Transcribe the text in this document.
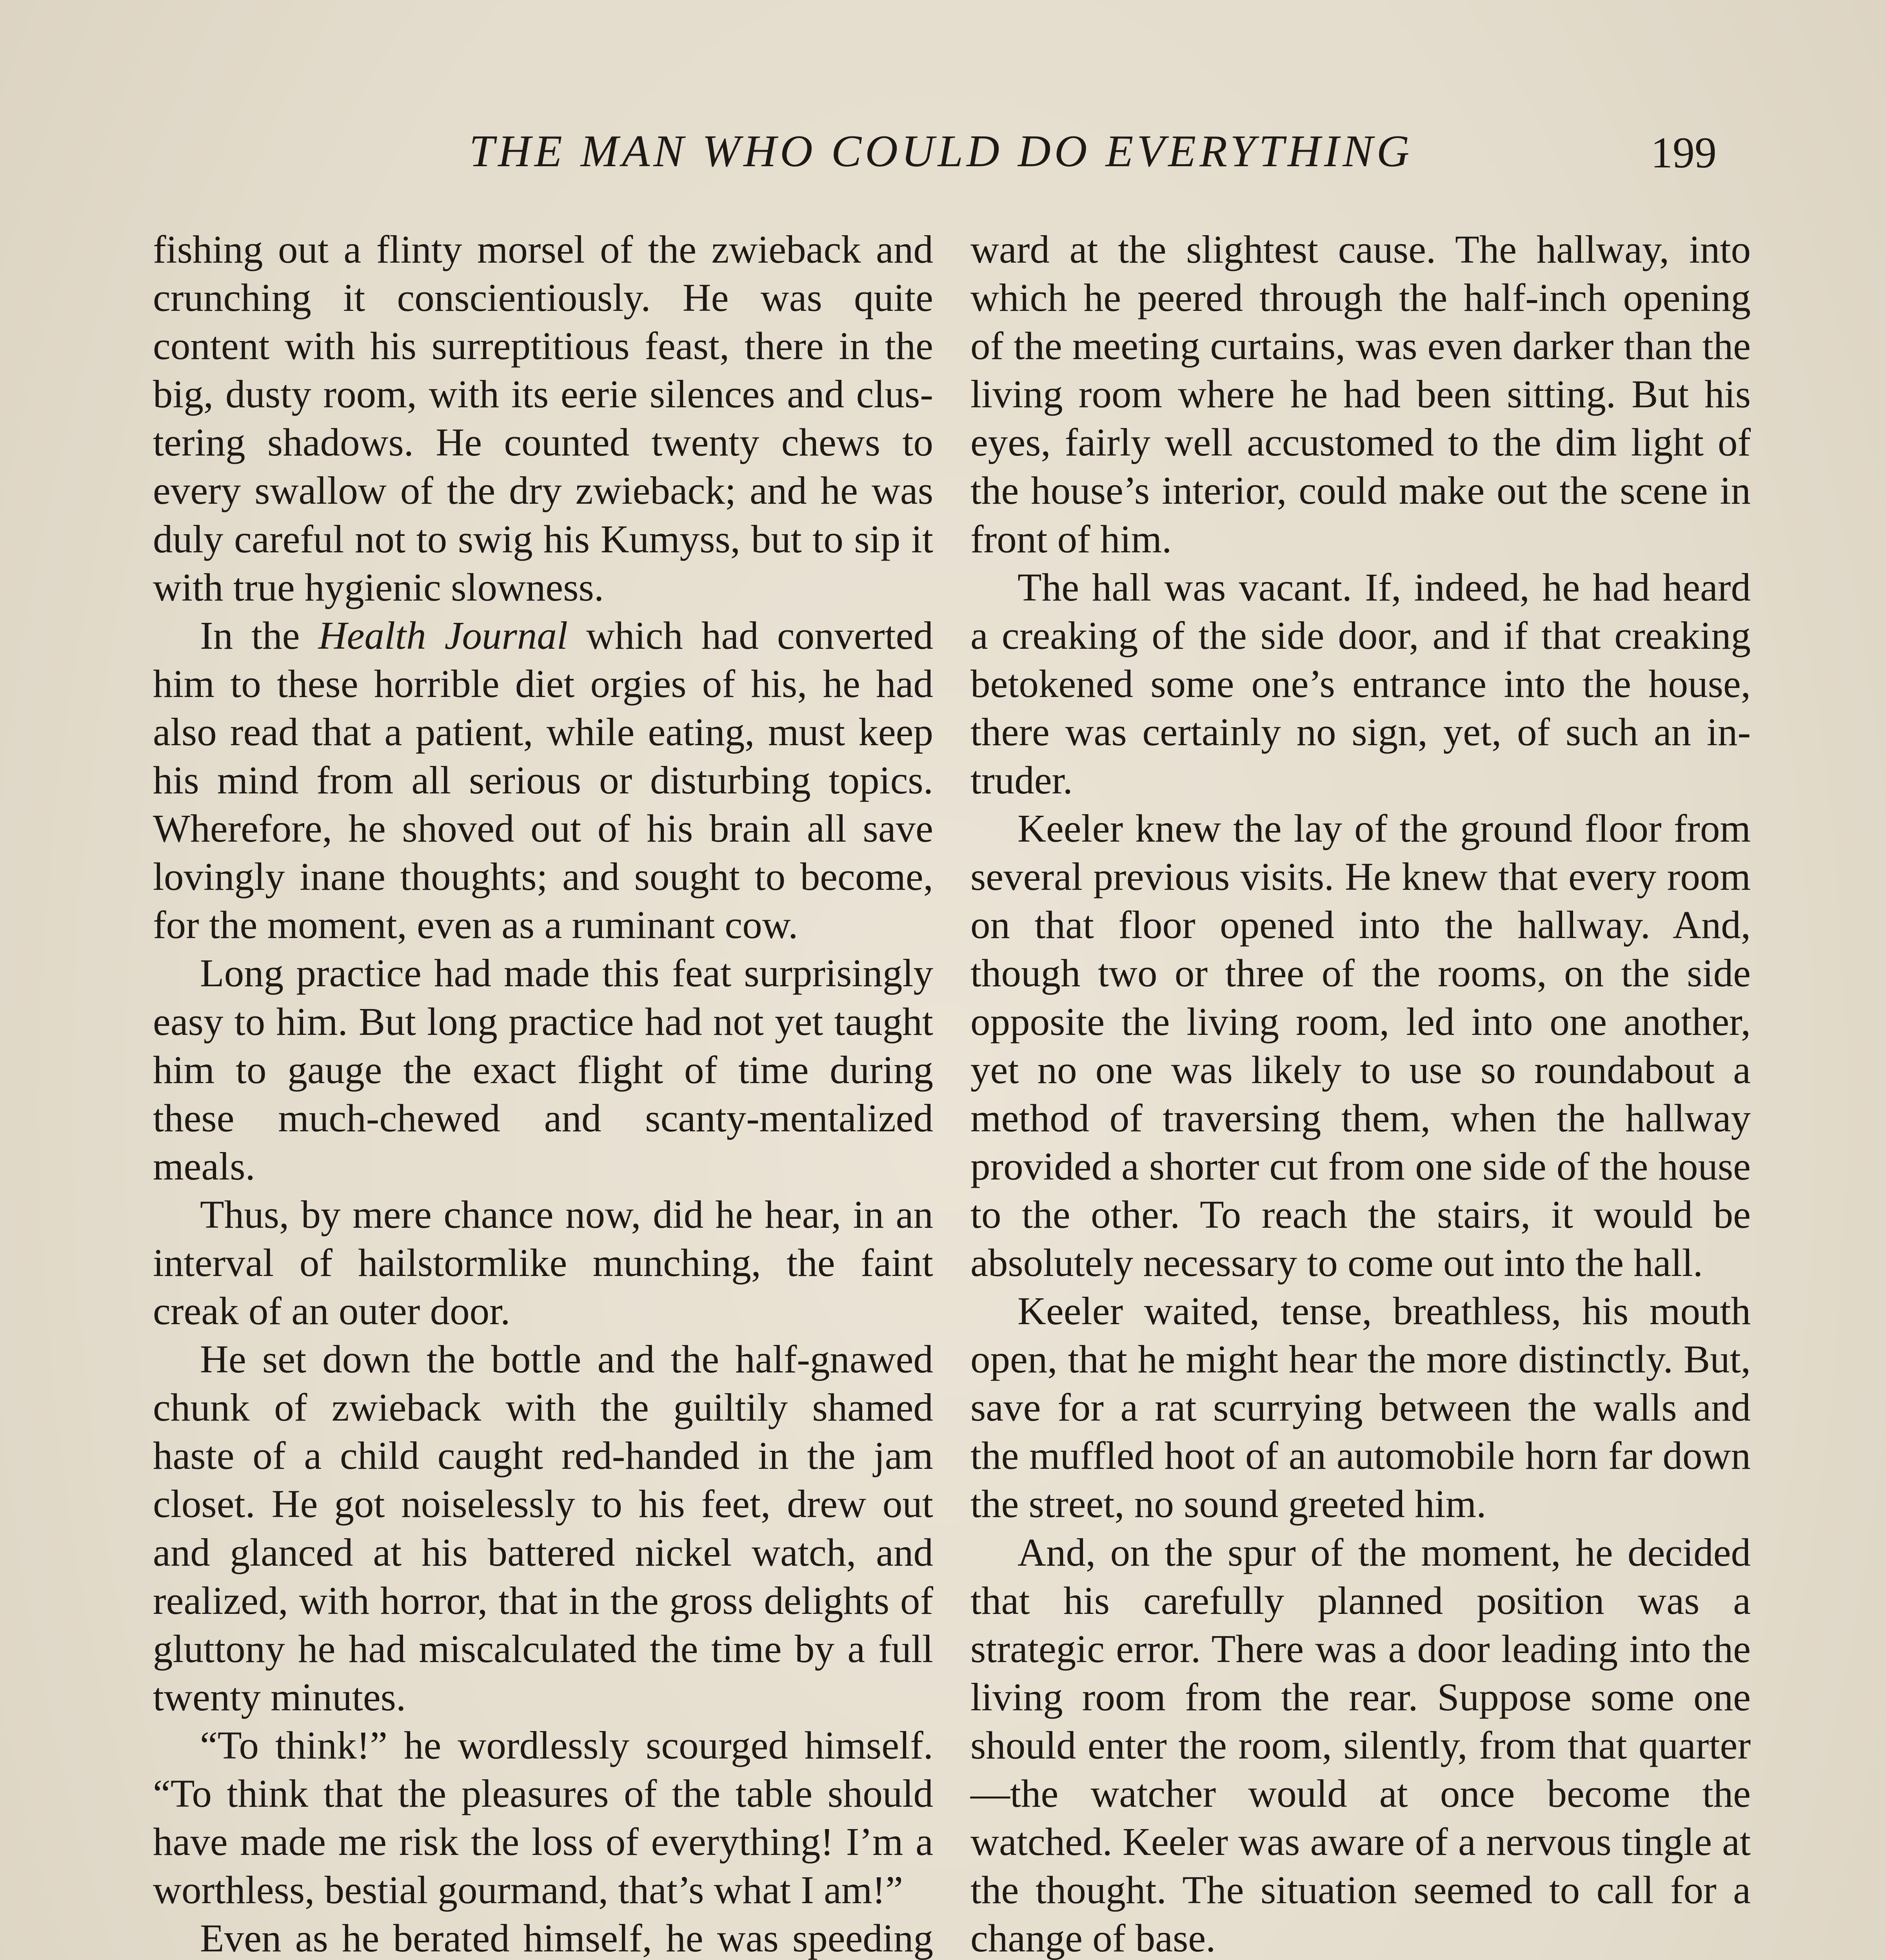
THE MAN WHO COULD DO EVERYTHING	199

fishing out a flinty morsel of the zwieback and crunching it conscientiously. He was quite content with his surreptitious feast, there in the big, dusty room, with its eerie silences and clustering shadows. He counted twenty chews to every swallow of the dry zwieback; and he was duly careful not to swig his Kumyss, but to sip it with true hygienic slowness.

In the Health Journal which had converted him to these horrible diet orgies of his, he had also read that a patient, while eating, must keep his mind from all serious or disturbing topics. Wherefore, he shoved out of his brain all save lovingly inane thoughts; and sought to become, for the moment, even as a ruminant cow.

Long practice had made this feat surprisingly easy to him. But long practice had not yet taught him to gauge the exact flight of time during these much-chewed and scanty-mentalized meals.

Thus, by mere chance now, did he hear, in an interval of hailstormlike munching, the faint creak of an outer door.

He set down the bottle and the half-gnawed chunk of zwieback with the guiltily shamed haste of a child caught red-handed in the jam closet. He got noiselessly to his feet, drew out and glanced at his battered nickel watch, and realized, with horror, that in the gross delights of gluttony he had miscalculated the time by a full twenty minutes.

“To think!” he wordlessly scourged himself. “To think that the pleasures of the table should have made me risk the loss of everything! I’m a worthless, bestial gourmand, that’s what I am!”

Even as he berated himself, he was speeding

ward at the slightest cause. The hallway, into which he peered through the half-inch opening of the meeting curtains, was even darker than the living room where he had been sitting. But his eyes, fairly well accustomed to the dim light of the house’s interior, could make out the scene in front of him.

The hall was vacant. If, indeed, he had heard a creaking of the side door, and if that creaking betokened some one’s entrance into the house, there was certainly no sign, yet, of such an intruder.

Keeler knew the lay of the ground floor from several previous visits. He knew that every room on that floor opened into the hallway. And, though two or three of the rooms, on the side opposite the living room, led into one another, yet no one was likely to use so roundabout a method of traversing them, when the hallway provided a shorter cut from one side of the house to the other. To reach the stairs, it would be absolutely necessary to come out into the hall.

Keeler waited, tense, breathless, his mouth open, that he might hear the more distinctly. But, save for a rat scurrying between the walls and the muffled hoot of an automobile horn far down the street, no sound greeted him.

And, on the spur of the moment, he decided that his carefully planned position was a strategic error. There was a door leading into the living room from the rear. Suppose some one should enter the room, silently, from that quarter—the watcher would at once become the watched. Keeler was aware of a nervous tingle at the thought. The situation seemed to call for a change of base.
